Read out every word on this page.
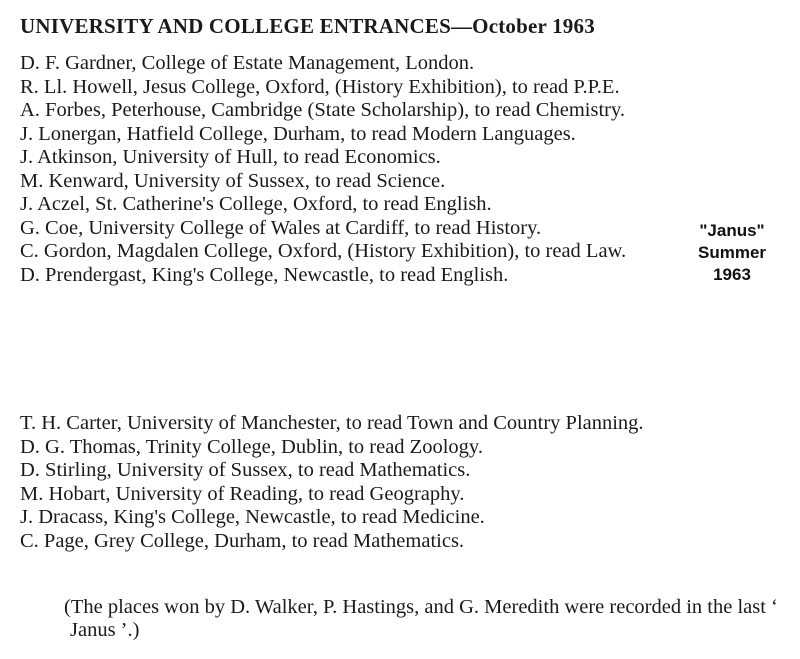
UNIVERSITY AND COLLEGE ENTRANCES—October 1963
D. F. Gardner, College of Estate Management, London.
R. Ll. Howell, Jesus College, Oxford, (History Exhibition), to read P.P.E.
A. Forbes, Peterhouse, Cambridge (State Scholarship), to read Chemistry.
J. Lonergan, Hatfield College, Durham, to read Modern Languages.
J. Atkinson, University of Hull, to read Economics.
M. Kenward, University of Sussex, to read Science.
J. Aczel, St. Catherine's College, Oxford, to read English.
G. Coe, University College of Wales at Cardiff, to read History.
C. Gordon, Magdalen College, Oxford, (History Exhibition), to read Law.
D. Prendergast, King's College, Newcastle, to read English.
T. H. Carter, University of Manchester, to read Town and Country Planning.
D. G. Thomas, Trinity College, Dublin, to read Zoology.
D. Stirling, University of Sussex, to read Mathematics.
M. Hobart, University of Reading, to read Geography.
J. Dracass, King's College, Newcastle, to read Medicine.
C. Page, Grey College, Durham, to read Mathematics.
(The places won by D. Walker, P. Hastings, and G. Meredith were recorded in the last ‘ Janus ’.)
"Janus"
Summer
1963
